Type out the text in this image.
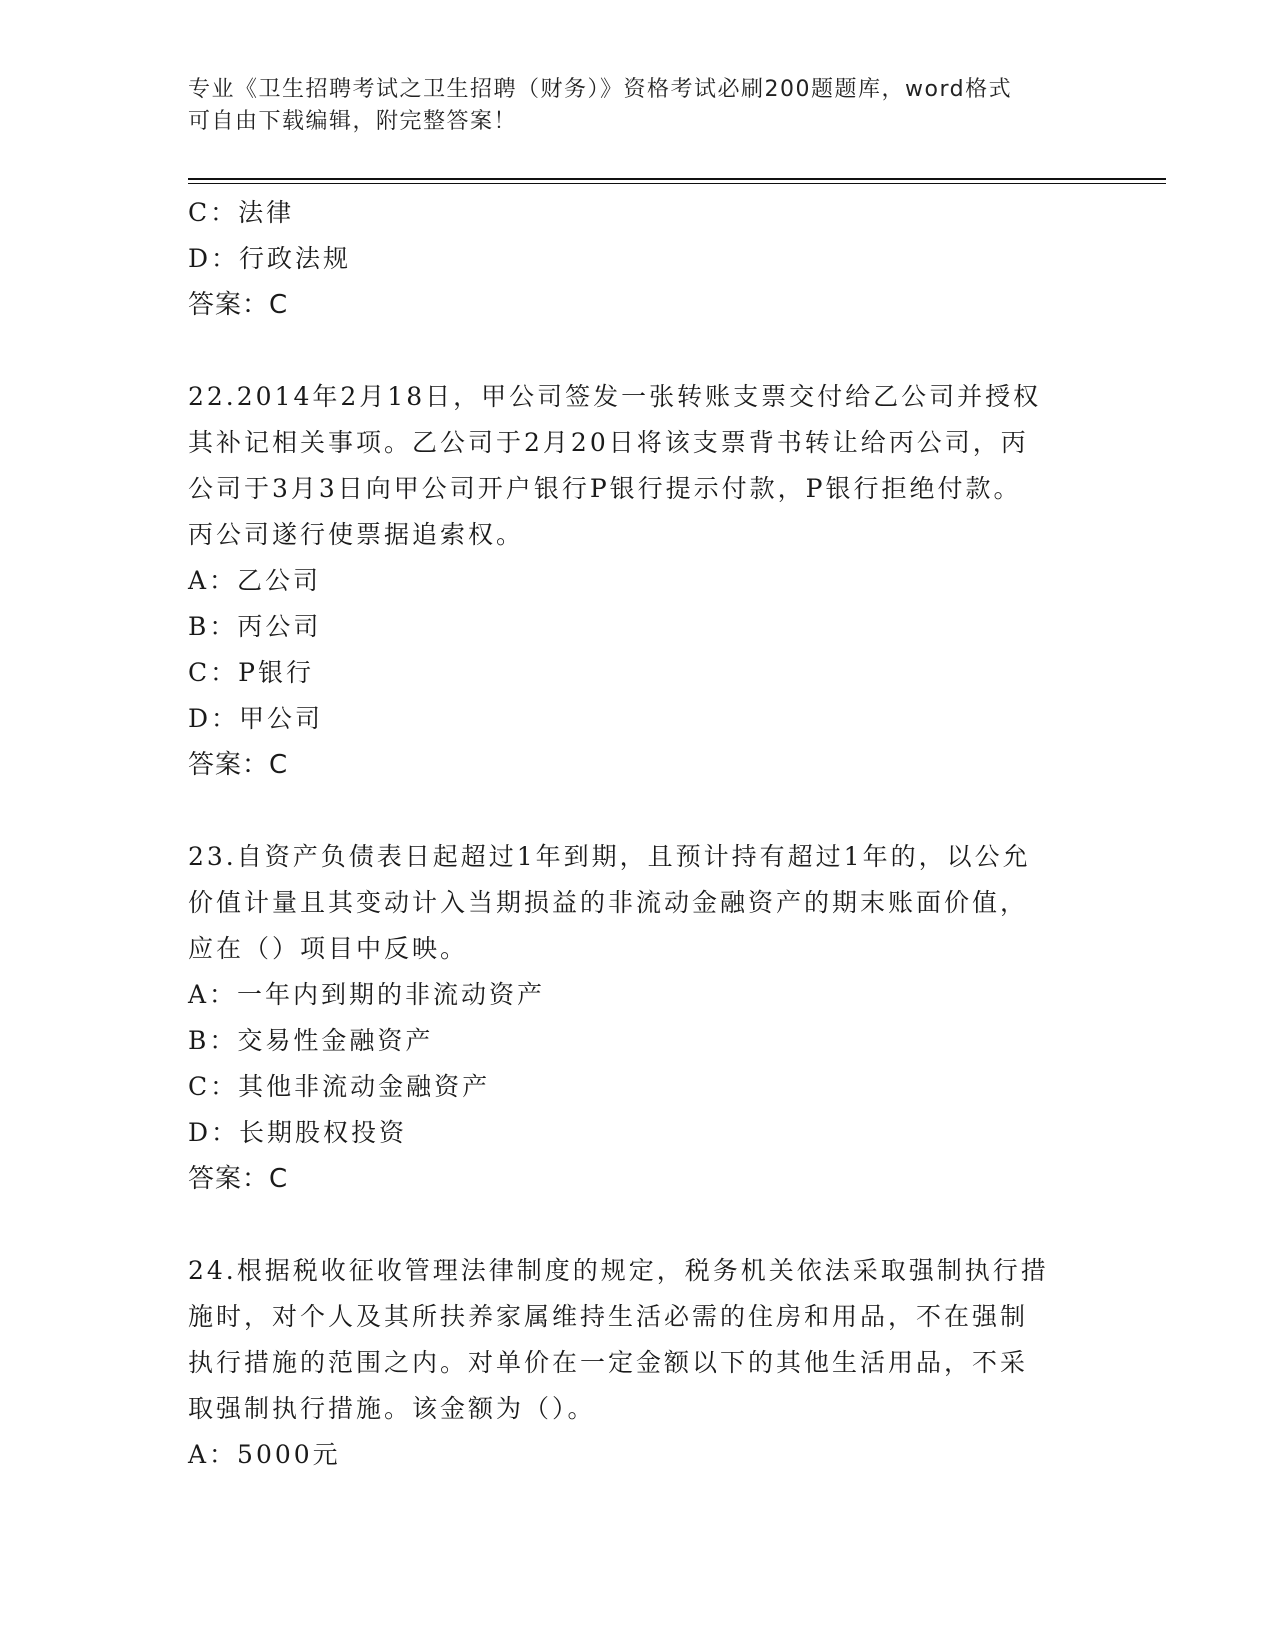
专业《卫生招聘考试之卫生招聘（财务）》资格考试必刷200题题库，word格式
可自由下载编辑，附完整答案！
C：法律
D：行政法规
答案：C
22.2014年2月18日，甲公司签发一张转账支票交付给乙公司并授权
其补记相关事项。乙公司于2月20日将该支票背书转让给丙公司，丙
公司于3月3日向甲公司开户银行P银行提示付款，P银行拒绝付款。
丙公司遂行使票据追索权。
A：乙公司
B：丙公司
C：P银行
D：甲公司
答案：C
23.自资产负债表日起超过1年到期，且预计持有超过1年的，以公允
价值计量且其变动计入当期损益的非流动金融资产的期末账面价值，
应在（）项目中反映。
A：一年内到期的非流动资产
B：交易性金融资产
C：其他非流动金融资产
D：长期股权投资
答案：C
24.根据税收征收管理法律制度的规定，税务机关依法采取强制执行措
施时，对个人及其所扶养家属维持生活必需的住房和用品，不在强制
执行措施的范围之内。对单价在一定金额以下的其他生活用品，不采
取强制执行措施。该金额为（）。
A：5000元
